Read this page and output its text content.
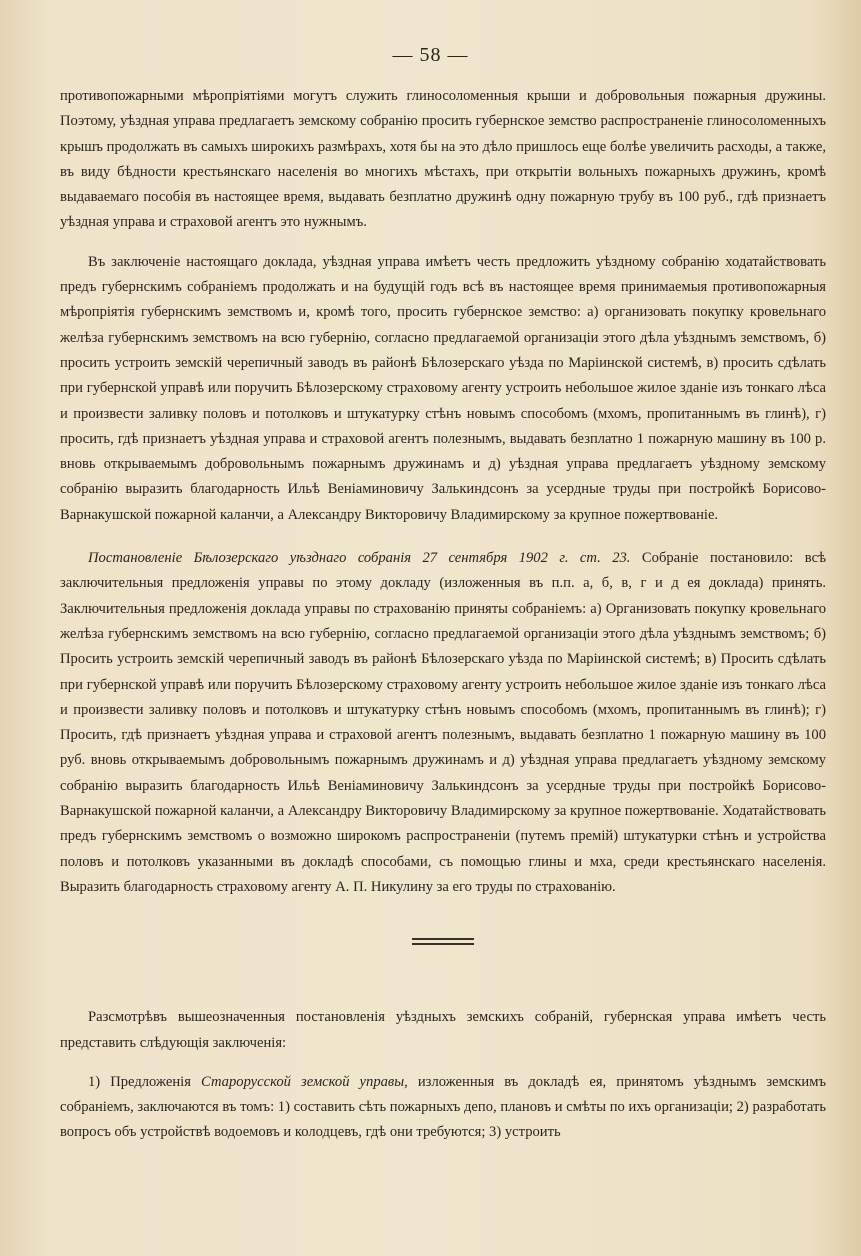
— 58 —

противопожарными мѣропріятіями могутъ служить глиносоломенныя крыши и добровольныя пожарныя дружины. Поэтому, уѣздная управа предлагаетъ земскому собранію просить губернское земство распространеніе глиносоломенныхъ крышъ продолжать въ самыхъ широкихъ размѣрахъ, хотя бы на это дѣло пришлось еще болѣе увеличить расходы, а также, въ виду бѣдности крестьянскаго населенія во многихъ мѣстахъ, при открытіи вольныхъ пожарныхъ дружинъ, кромѣ выдаваемаго пособія въ настоящее время, выдавать безплатно дружинѣ одну пожарную трубу въ 100 руб., гдѣ признаетъ уѣздная управа и страховой агентъ это нужнымъ.

Въ заключеніе настоящаго доклада, уѣздная управа имѣетъ честь предложить уѣздному собранію ходатайствовать предъ губернскимъ собраніемъ продолжать и на будущій годъ всѣ въ настоящее время принимаемыя противопожарныя мѣропріятія губернскимъ земствомъ и, кромѣ того, просить губернское земство: а) организовать покупку кровельнаго желѣза губернскимъ земствомъ на всю губернію, согласно предлагаемой организаціи этого дѣла уѣзднымъ земствомъ, б) просить устроить земскій черепичный заводъ въ районѣ Бѣлозерскаго уѣзда по Маріинской системѣ, в) просить сдѣлать при губернской управѣ или поручить Бѣлозерскому страховому агенту устроить небольшое жилое зданіе изъ тонкаго лѣса и произвести заливку половъ и потолковъ и штукатурку стѣнъ новымъ способомъ (мхомъ, пропитаннымъ въ глинѣ), г) просить, гдѣ признаетъ уѣздная управа и страховой агентъ полезнымъ, выдавать безплатно 1 пожарную машину въ 100 р. вновь открываемымъ добровольнымъ пожарнымъ дружинамъ и д) уѣздная управа предлагаетъ уѣздному земскому собранію выразить благодарность Ильѣ Веніаминовичу Залькиндсонъ за усердные труды при постройкѣ Борисово-Варнакушской пожарной каланчи, а Александру Викторовичу Владимирскому за крупное пожертвованіе.

Постановленіе Бѣлозерскаго уѣзднаго собранія 27 сентября 1902 г. ст. 23. Собраніе постановило: всѣ заключительныя предложенія управы по этому докладу (изложенныя въ п.п. а, б, в, г и д ея доклада) принять. Заключительныя предложенія доклада управы по страхованію приняты собраніемъ: а) Организовать покупку кровельнаго желѣза губернскимъ земствомъ на всю губернію, согласно предлагаемой организаціи этого дѣла уѣзднымъ земствомъ; б) Просить устроить земскій черепичный заводъ въ районѣ Бѣлозерскаго уѣзда по Маріинской системѣ; в) Просить сдѣлать при губернской управѣ или поручить Бѣлозерскому страховому агенту устроить небольшое жилое зданіе изъ тонкаго лѣса и произвести заливку половъ и потолковъ и штукатурку стѣнъ новымъ способомъ (мхомъ, пропитаннымъ въ глинѣ); г) Просить, гдѣ признаетъ уѣздная управа и страховой агентъ полезнымъ, выдавать безплатно 1 пожарную машину въ 100 руб. вновь открываемымъ добровольнымъ пожарнымъ дружинамъ и д) уѣздная управа предлагаетъ уѣздному земскому собранію выразить благодарность Ильѣ Веніаминовичу Залькиндсонъ за усердные труды при постройкѣ Борисово-Варнакушской пожарной каланчи, а Александру Викторовичу Владимирскому за крупное пожертвованіе. Ходатайствовать предъ губернскимъ земствомъ о возможно широкомъ распространеніи (путемъ премій) штукатурки стѣнъ и устройства половъ и потолковъ указанными въ докладѣ способами, съ помощью глины и мха, среди крестьянскаго населенія. Выразить благодарность страховому агенту А. П. Никулину за его труды по страхованію.

Разсмотрѣвъ вышеозначенныя постановленія уѣздныхъ земскихъ собраній, губернская управа имѣетъ честь представить слѣдующія заключенія:

1) Предложенія Старорусской земской управы, изложенныя въ докладѣ ея, принятомъ уѣзднымъ земскимъ собраніемъ, заключаются въ томъ: 1) составить сѣть пожарныхъ депо, плановъ и смѣты по ихъ организаціи; 2) разработать вопросъ объ устройствѣ водоемовъ и колодцевъ, гдѣ они требуются; 3) устроить
